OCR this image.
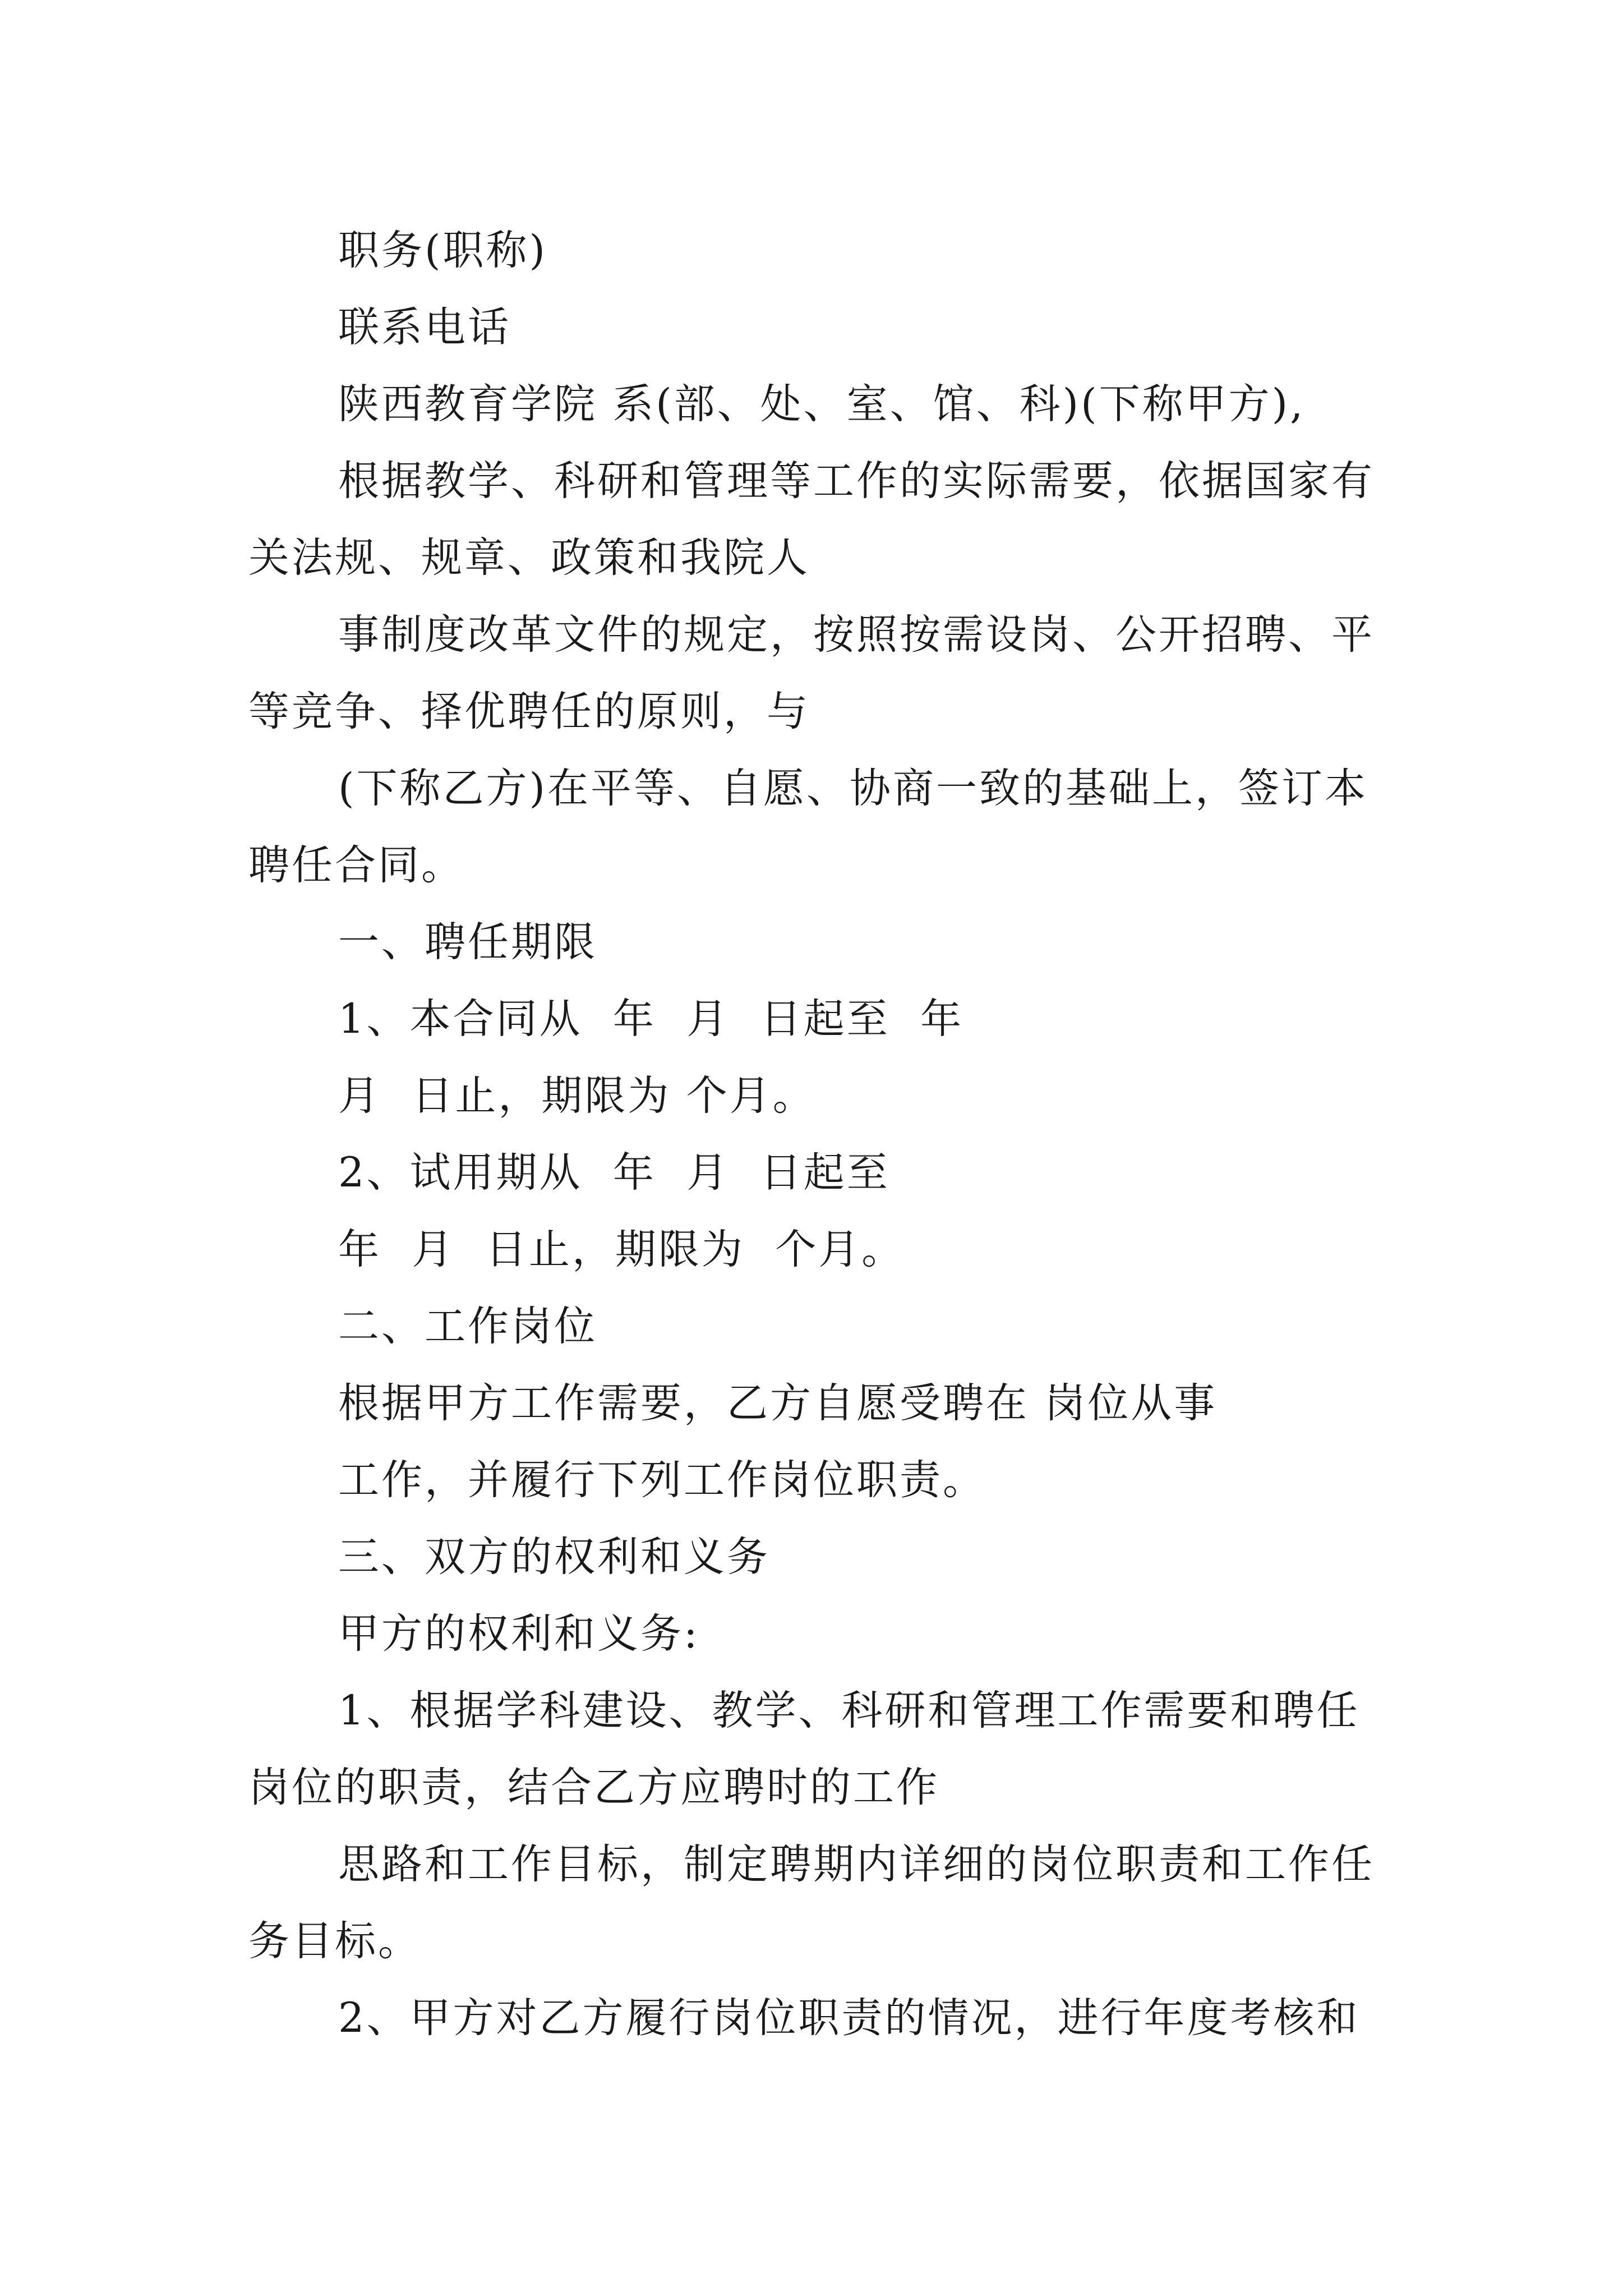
职务(职称)

联系电话

陕西教育学院 系(部、处、室、馆、科)(下称甲方),

根据教学、科研和管理等工作的实际需要，依据国家有关法规、规章、政策和我院人

事制度改革文件的规定，按照按需设岗、公开招聘、平等竞争、择优聘任的原则，与

(下称乙方)在平等、自愿、协商一致的基础上，签订本聘任合同。

一、聘任期限

1、本合同从  年  月  日起至  年

月  日止，期限为 个月。

2、试用期从  年  月  日起至

年  月  日止，期限为  个月。

二、工作岗位

根据甲方工作需要，乙方自愿受聘在 岗位从事

工作，并履行下列工作岗位职责。

三、双方的权利和义务

甲方的权利和义务:

1、根据学科建设、教学、科研和管理工作需要和聘任岗位的职责，结合乙方应聘时的工作

思路和工作目标，制定聘期内详细的岗位职责和工作任务目标。

2、甲方对乙方履行岗位职责的情况，进行年度考核和
